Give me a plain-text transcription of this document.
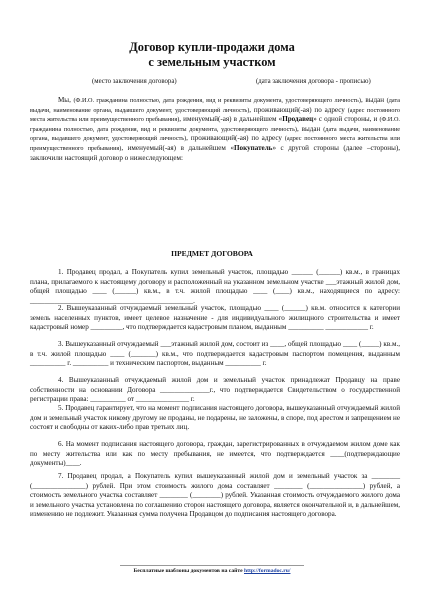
Договор купли-продажи дома
с земельным участком
(место заключения договора)	(дата заключения договора - прописью)

Мы, (Ф.И.О. гражданина полностью, дата рождения, вид и реквизиты документа, удостоверяющего личность), выдан (дата выдачи, наименование органа, выдавшего документ, удостоверяющий личность), проживающий(-ая) по адресу (адрес постоянного места жительства или преимущественного пребывания), именуемый(-ая) в дальнейшем «Продавец» с одной стороны, и (Ф.И.О. гражданина полностью, дата рождения, вид и реквизиты документа, удостоверяющего личность), выдан (дата выдачи, наименование органа, выдавшего документ, удостоверяющий личность), проживающий(-ая) по адресу (адрес постоянного места жительства или преимущественного пребывания), именуемый(-ая) в дальнейшем «Покупатель» с другой стороны (далее –стороны), заключили настоящий договор о нижеследующем:

ПРЕДМЕТ ДОГОВОРА

1. Продавец продал, а Покупатель купил земельный участок, площадью ______ (______) кв.м., в границах плана, прилагаемого к настоящему договору и расположенный на указанном земельном участке ___этажный жилой дом, общей площадью ____ (______) кв.м., в т.ч. жилой площадью ____ (____) кв.м., находящиеся по адресу: ______________________________________________.

2. Вышеуказанный отчуждаемый земельный участок, площадью ____ (______) кв.м. относится к категории земель населенных пунктов, имеет целевое назначение - для индивидуального жилищного строительства и имеет кадастровый номер _________, что подтверждается кадастровым планом, выданным __________ ____________ г.

3. Вышеуказанный отчуждаемый ___этажный жилой дом, состоит из ____, общей площадью ____ (_____) кв.м., в т.ч. жилой площадью ____ (_______) кв.м., что подтверждается кадастровым паспортом помещения, выданным __________ г. __________ и техническим паспортом, выданным __________ г.

4. Вышеуказанный отчуждаемый жилой дом и земельный участок принадлежат Продавцу на праве собственности на основании Договора ______________г., что подтверждается Свидетельством о государственной регистрации права: __________ от _______________ г.

5. Продавец гарантирует, что на момент подписания настоящего договора, вышеуказанный отчуждаемый жилой дом и земельный участок никому другому не проданы, не подарены, не заложены, в споре, под арестом и запрещением не состоят и свободны от каких-либо прав третьих лиц.

6. На момент подписания настоящего договора, граждан, зарегистрированных в отчуждаемом жилом доме как по месту жительства или как по месту пребывания, не имеется, что подтверждается ____(подтверждающие документы)____.

7. Продавец продал, а Покупатель купил вышеуказанный жилой дом и земельный участок за ________ (_______________) рублей. При этом стоимость жилого дома составляет ________ (_______________) рублей, а стоимость земельного участка составляет ________ (________) рублей. Указанная стоимость отчуждаемого жилого дома и земельного участка установлена по соглашению сторон настоящего договора, является окончательной и, в дальнейшем, изменению не подлежит. Указанная сумма получена Продавцом до подписания настоящего договора.

Бесплатные шаблоны документов на сайте http://formadoc.ru/
